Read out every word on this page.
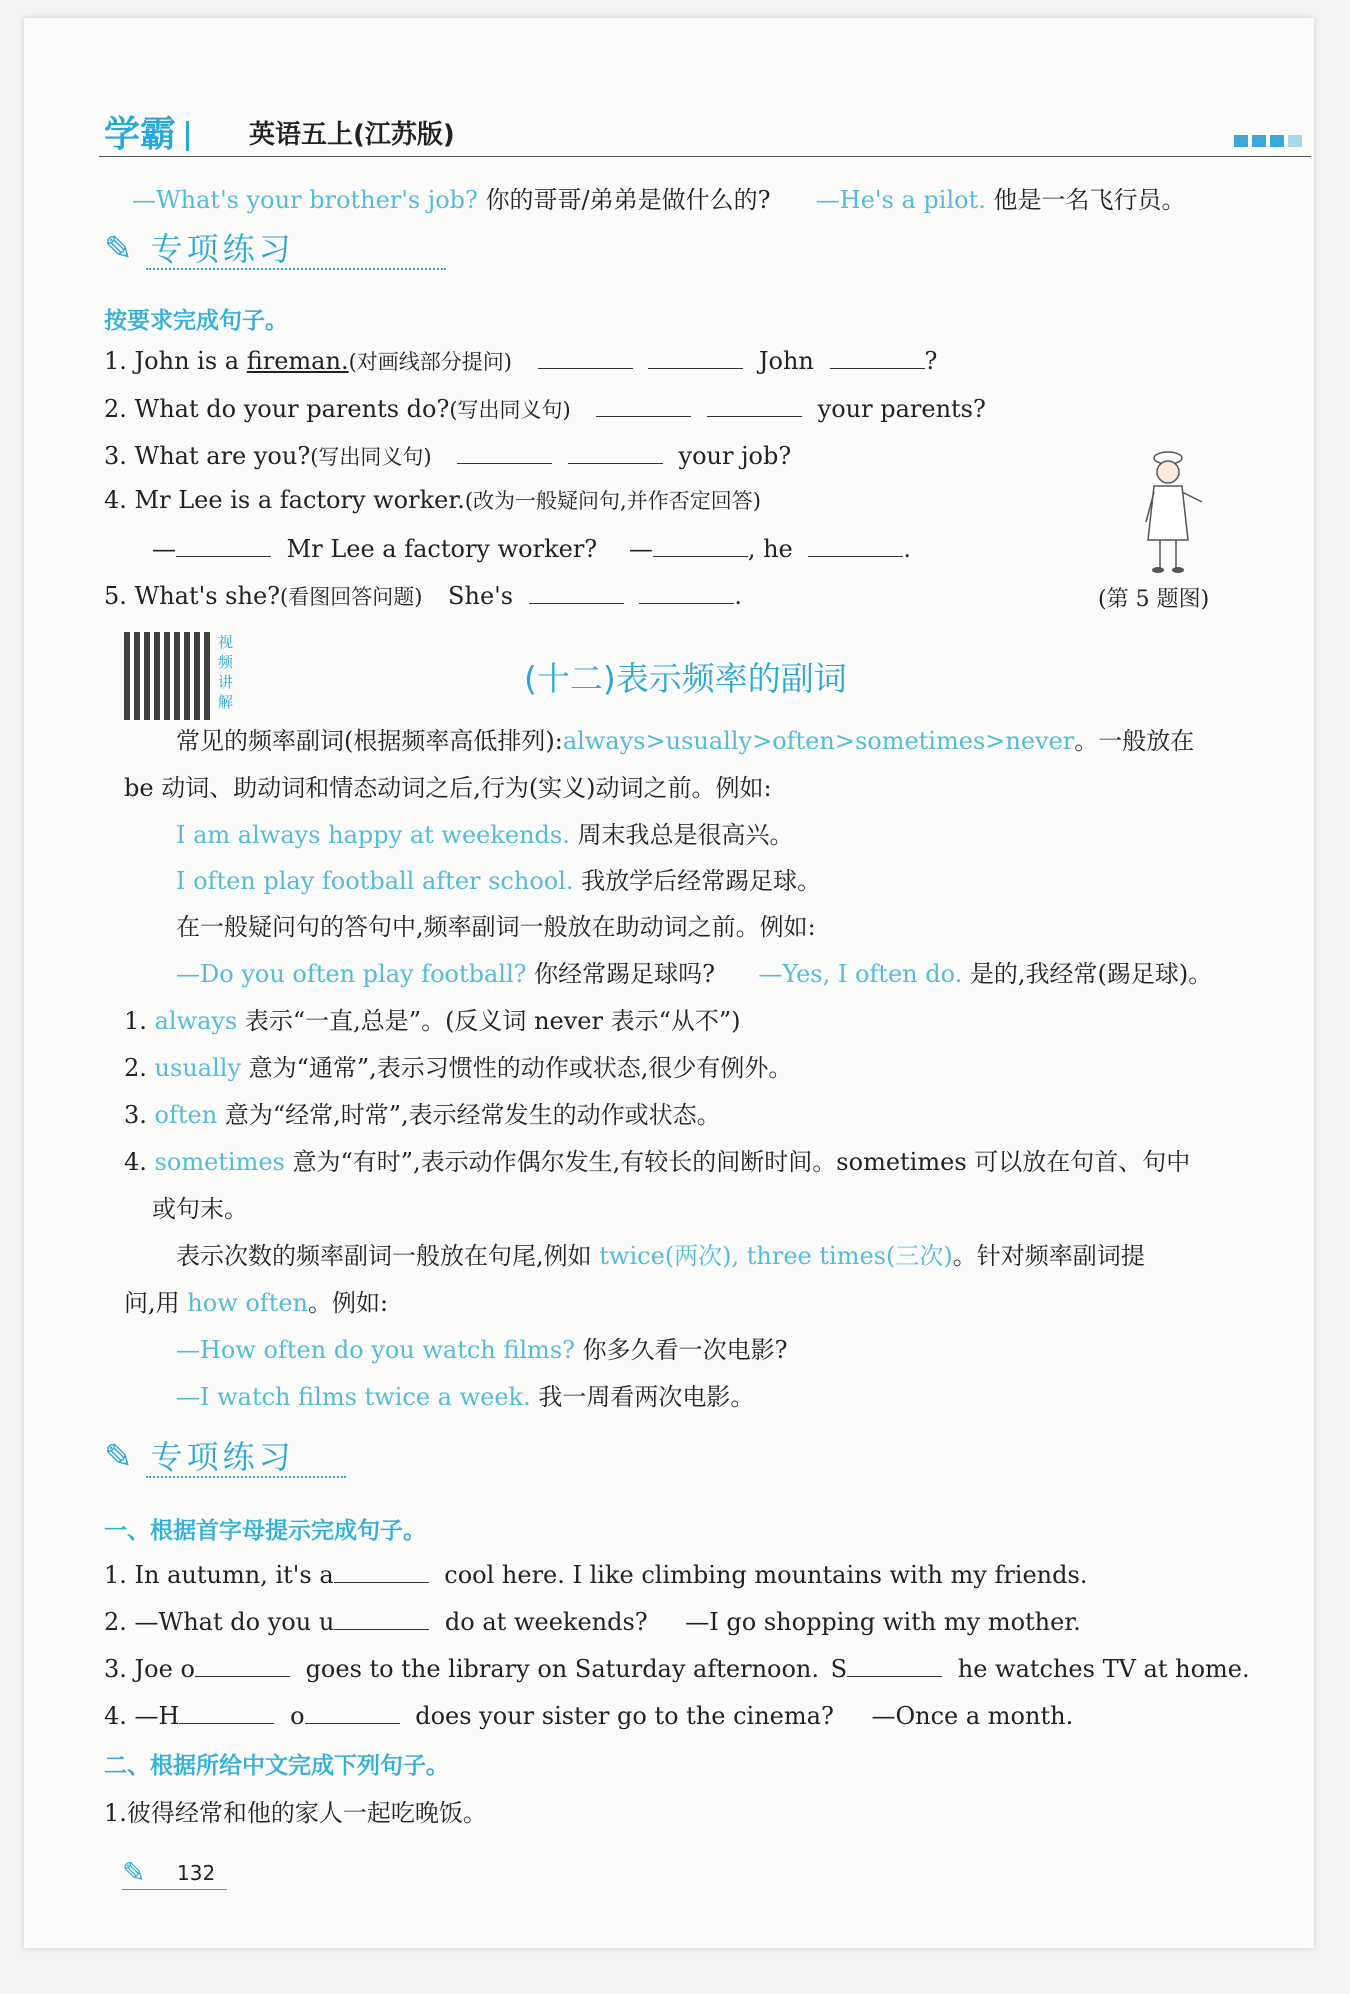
学霸	英语五上(江苏版)
—What's your brother's job? 你的哥哥/弟弟是做什么的? —He's a pilot. 他是一名飞行员。
✎ 专项练习
按要求完成句子。
1. John is a fireman.(对画线部分提问)	John	?
2. What do your parents do?(写出同义句)	your parents?
3. What are you?(写出同义句)	your job?
4. Mr Lee is a factory worker.(改为一般疑问句,并作否定回答)
—	Mr Lee a factory worker? —	, he	.
5. What's she?(看图回答问题) She's	.	(第 5 题图)
视频讲解
(十二)表示频率的副词
常见的频率副词(根据频率高低排列):always>usually>often>sometimes>never。一般放在
be 动词、助动词和情态动词之后,行为(实义)动词之前。例如:
I am always happy at weekends. 周末我总是很高兴。
I often play football after school. 我放学后经常踢足球。
在一般疑问句的答句中,频率副词一般放在助动词之前。例如:
—Do you often play football? 你经常踢足球吗? —Yes, I often do. 是的,我经常(踢足球)。
1. always 表示“一直,总是”。(反义词 never 表示“从不”)
2. usually 意为“通常”,表示习惯性的动作或状态,很少有例外。
3. often 意为“经常,时常”,表示经常发生的动作或状态。
4. sometimes 意为“有时”,表示动作偶尔发生,有较长的间断时间。sometimes 可以放在句首、句中
或句末。
表示次数的频率副词一般放在句尾,例如 twice(两次), three times(三次)。针对频率副词提
问,用 how often。例如:
—How often do you watch films? 你多久看一次电影?
—I watch films twice a week. 我一周看两次电影。
✎ 专项练习
一、根据首字母提示完成句子。
1. In autumn, it's a	cool here. I like climbing mountains with my friends.
2. —What do you u	do at weekends? —I go shopping with my mother.
3. Joe o	goes to the library on Saturday afternoon. S	he watches TV at home.
4. —H	o	does your sister go to the cinema? —Once a month.
二、根据所给中文完成下列句子。
1.彼得经常和他的家人一起吃晚饭。
✎ 132
